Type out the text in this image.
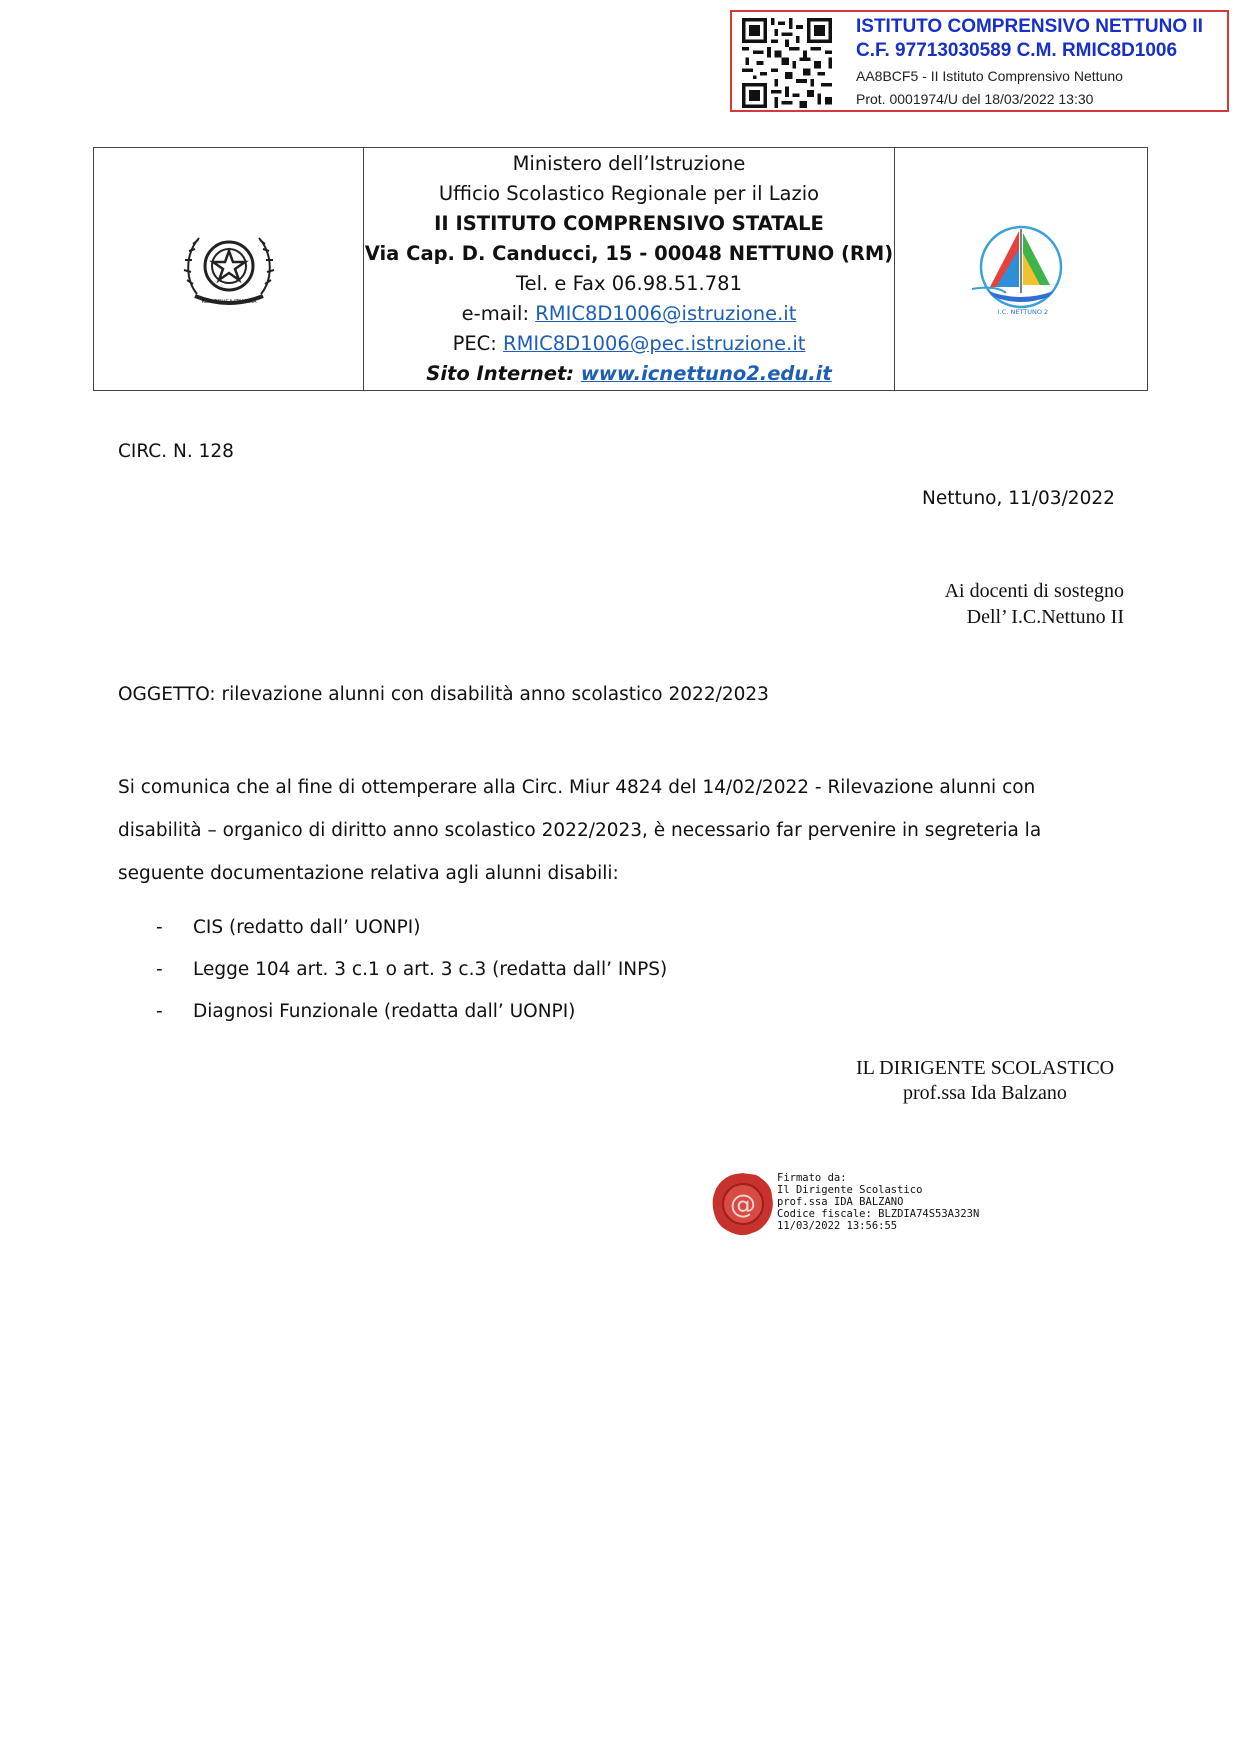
ISTITUTO COMPRENSIVO NETTUNO II
C.F. 97713030589 C.M. RMIC8D1006
AA8BCF5 - II Istituto Comprensivo Nettuno
Prot. 0001974/U del 18/03/2022 13:30
REPVBBLICA ITALIANA
Ministero dell’Istruzione
Ufficio Scolastico Regionale per il Lazio
II ISTITUTO COMPRENSIVO STATALE
Via Cap. D. Canducci, 15 - 00048 NETTUNO (RM)
Tel. e Fax 06.98.51.781
e-mail: RMIC8D1006@istruzione.it
PEC: RMIC8D1006@pec.istruzione.it
Sito Internet: www.icnettuno2.edu.it
I.C. NETTUNO 2
CIRC. N. 128
Nettuno, 11/03/2022
Ai docenti di sostegno
Dell’ I.C.Nettuno II
OGGETTO: rilevazione alunni con disabilità anno scolastico 2022/2023
Si comunica che al fine di ottemperare alla Circ. Miur 4824 del 14/02/2022 - Rilevazione alunni con
disabilità – organico di diritto anno scolastico 2022/2023, è necessario far pervenire in segreteria la
seguente documentazione relativa agli alunni disabili:
- CIS (redatto dall’ UONPI)
- Legge 104 art. 3 c.1 o art. 3 c.3 (redatta dall’ INPS)
- Diagnosi Funzionale (redatta dall’ UONPI)
IL DIRIGENTE SCOLASTICO
prof.ssa Ida Balzano
@
Firmato da:
Il Dirigente Scolastico
prof.ssa IDA BALZANO
Codice fiscale: BLZDIA74S53A323N
11/03/2022 13:56:55
